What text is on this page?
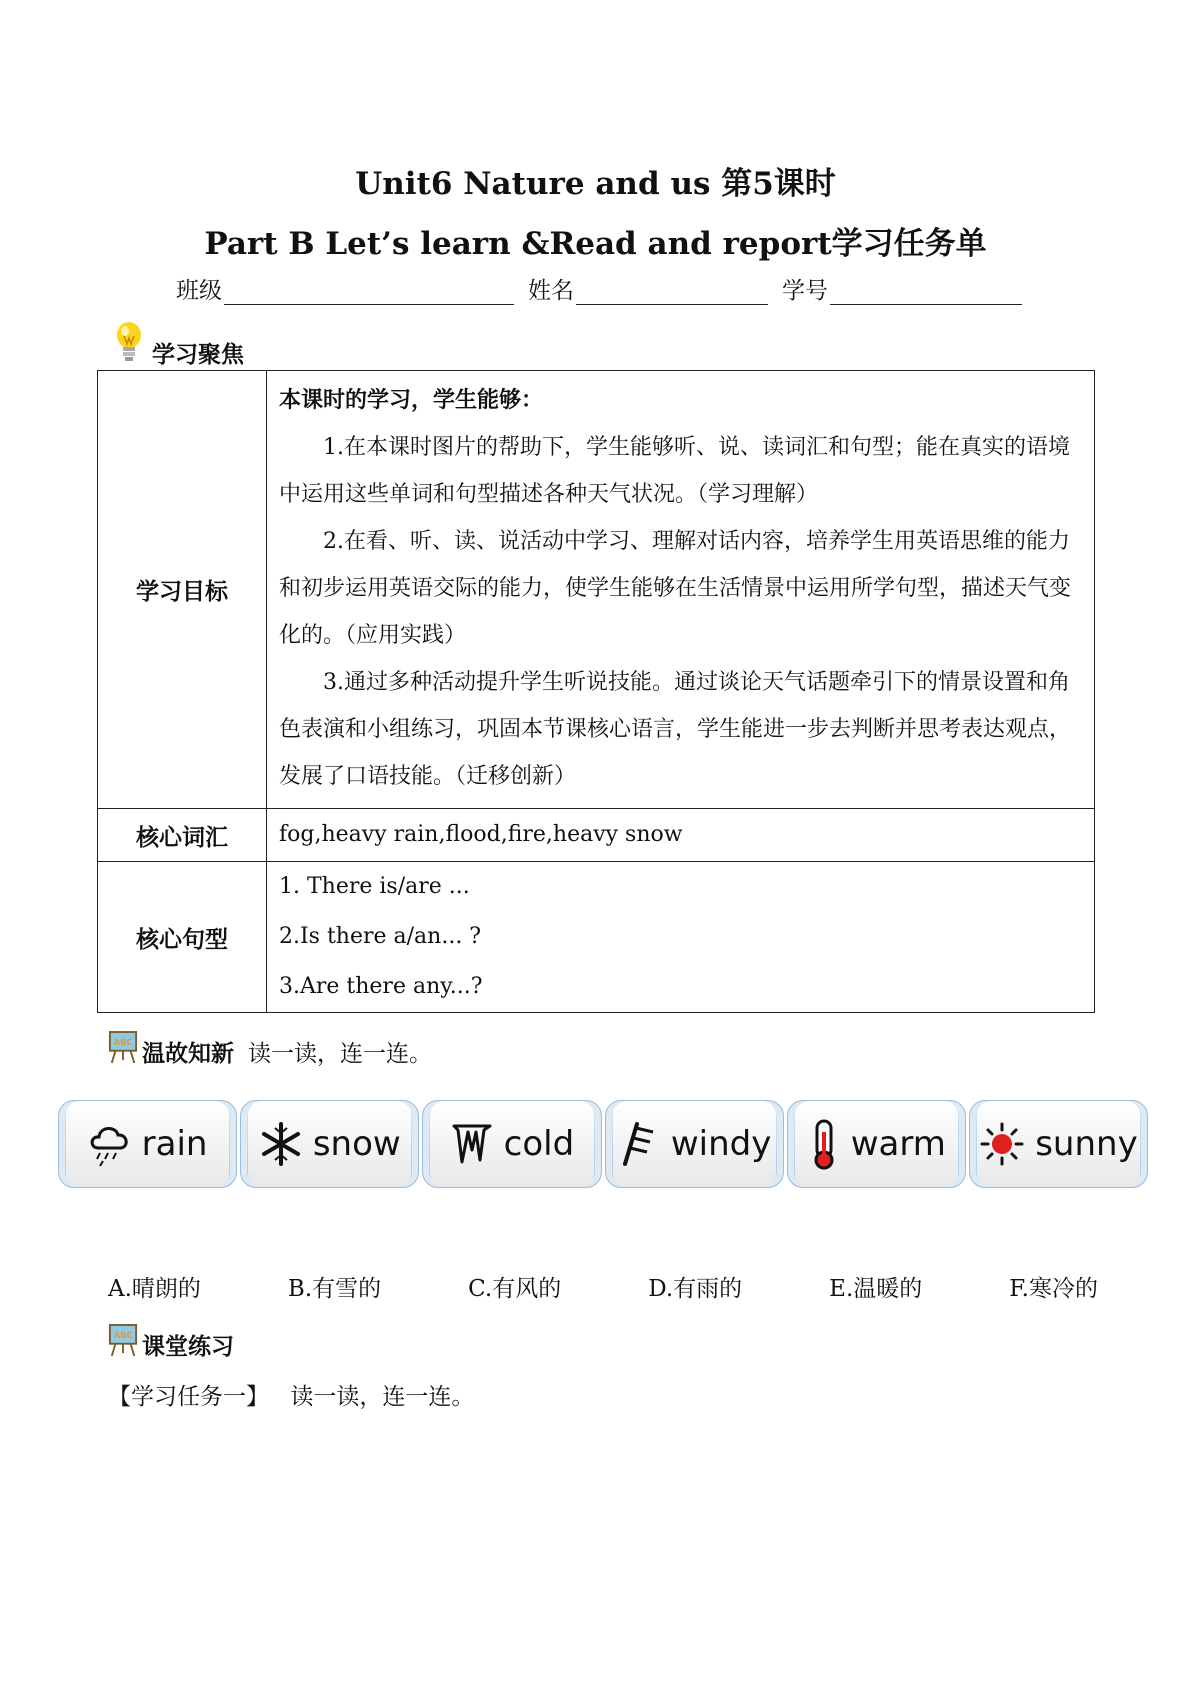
Unit6 Nature and us 第5课时
Part B Let’s learn &Read and report学习任务单
班级	姓名	学号
学习聚焦
学习目标	本课时的学习，学生能够：
1.在本课时图片的帮助下，学生能够听、说、读词汇和句型；能在真实的语境中运用这些单词和句型描述各种天气状况。（学习理解）
2.在看、听、读、说活动中学习、理解对话内容，培养学生用英语思维的能力和初步运用英语交际的能力，使学生能够在生活情景中运用所学句型，描述天气变化的。（应用实践）
3.通过多种活动提升学生听说技能。通过谈论天气话题牵引下的情景设置和角色表演和小组练习，巩固本节课核心语言，学生能进一步去判断并思考表达观点，发展了口语技能。（迁移创新）

核心词汇	fog,heavy rain,flood,fire,heavy snow
核心句型	1. There is/are ...
2.Is there a/an... ?
3.Are there any...?
ABC 温故知新 读一读，连一连。
rain	snow	cold	windy warm	sunny
A.晴朗的	B.有雪的	C.有风的	D.有雨的	E.温暖的	F.寒冷的
ABC 课堂练习
【学习任务一】 读一读，连一连。
